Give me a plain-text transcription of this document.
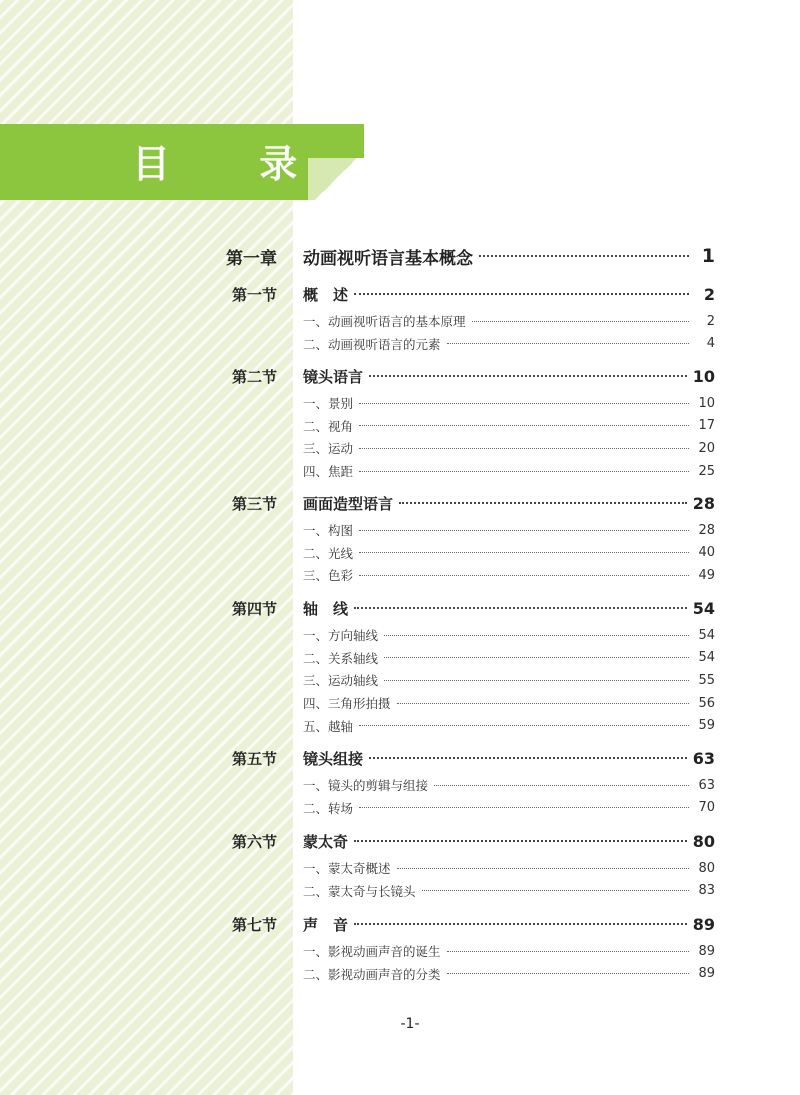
目 录
第一章 动画视听语言基本概念	1
第一节 概　述	2
一、动画视听语言的基本原理	2
二、动画视听语言的元素	4
第二节 镜头语言	10
一、景别	10
二、视角	17
三、运动	20
四、焦距	25
第三节 画面造型语言	28
一、构图	28
二、光线	40
三、色彩	49
第四节 轴　线	54
一、方向轴线	54
二、关系轴线	54
三、运动轴线	55
四、三角形拍摄	56
五、越轴	59
第五节 镜头组接	63
一、镜头的剪辑与组接	63
二、转场	70
第六节 蒙太奇	80
一、蒙太奇概述	80
二、蒙太奇与长镜头	83
第七节 声　音	89
一、影视动画声音的诞生	89
二、影视动画声音的分类	89
-1-
